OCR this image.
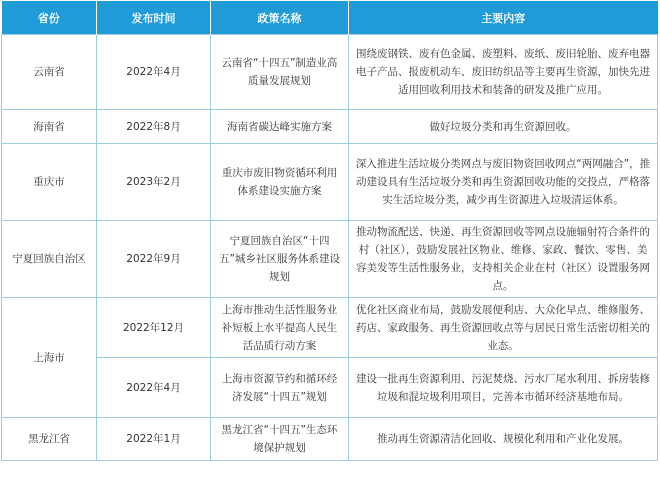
省份	发布时间	政策名称	主要内容
云南省	2022年4月	云南省“十四五”制造业高质量发展规划	围绕废钢铁、废有色金属、废塑料、废纸、废旧轮胎、废弃电器电子产品、报废机动车、废旧纺织品等主要再生资源，加快先进适用回收利用技术和装备的研发及推广应用。
海南省	2022年8月	海南省碳达峰实施方案	做好垃圾分类和再生资源回收。
重庆市	2023年2月	重庆市废旧物资循环利用体系建设实施方案	深入推进生活垃圾分类网点与废旧物资回收网点“两网融合”，推动建设具有生活垃圾分类和再生资源回收功能的交投点，严格落实生活垃圾分类，减少再生资源进入垃圾清运体系。
宁夏回族自治区	2022年9月	宁夏回族自治区“十四五”城乡社区服务体系建设规划	推动物流配送、快递、再生资源回收等网点设施辐射符合条件的村（社区），鼓励发展社区物业、维修、家政、餐饮、零售、美容美发等生活性服务业，支持相关企业在村（社区）设置服务网点。
上海市	2022年12月	上海市推动生活性服务业补短板上水平提高人民生活品质行动方案	优化社区商业布局，鼓励发展便利店、大众化早点、维修服务、药店、家政服务、再生资源回收点等与居民日常生活密切相关的业态。
	2022年4月	上海市资源节约和循环经济发展“十四五”规划	建设一批再生资源利用、污泥焚烧、污水厂尾水利用、拆房装修垃圾和混垃圾利用项目，完善本市循环经济基地布局。
黑龙江省	2022年1月	黑龙江省“十四五”生态环境保护规划	推动再生资源清洁化回收、规模化利用和产业化发展。
